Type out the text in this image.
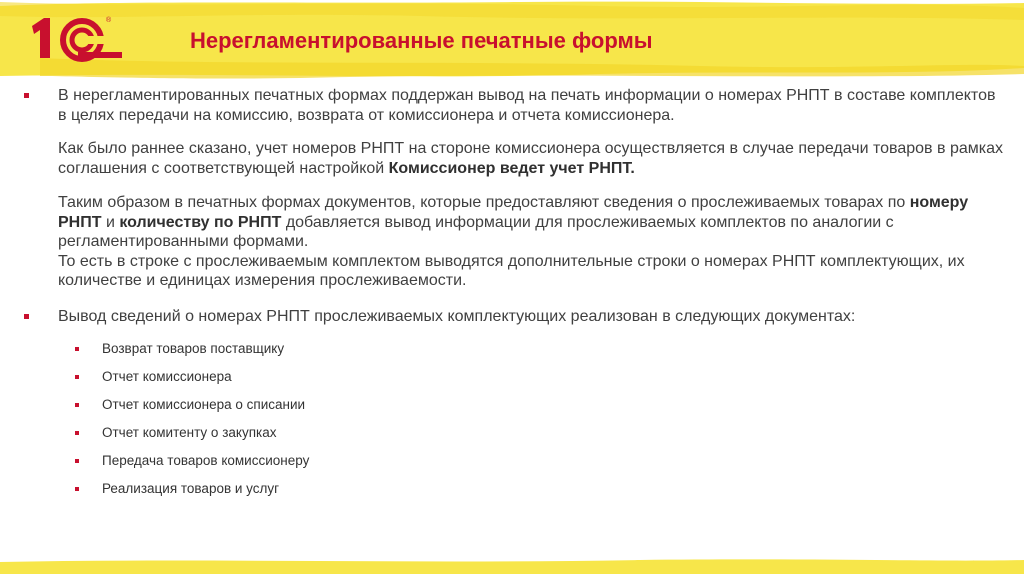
®
Нерегламентированные печатные формы

В нерегламентированных печатных формах поддержан вывод на печать информации о номерах РНПТ в составе комплектов в целях передачи на комиссию, возврата от комиссионера и отчета комиссионера.

Как было раннее сказано, учет номеров РНПТ на стороне комиссионера осуществляется в случае передачи товаров в рамках соглашения с соответствующей настройкой Комиссионер ведет учет РНПТ.

Таким образом в печатных формах документов, которые предоставляют сведения о прослеживаемых товарах по номеру РНПТ и количеству по РНПТ добавляется вывод информации для прослеживаемых комплектов по аналогии с регламентированными формами.
То есть в строке с прослеживаемым комплектом выводятся дополнительные строки о номерах РНПТ комплектующих, их количестве и единицах измерения прослеживаемости.

Вывод сведений о номерах РНПТ прослеживаемых комплектующих реализован в следующих документах:

Возврат товаров поставщику
Отчет комиссионера
Отчет комиссионера о списании
Отчет комитенту о закупках
Передача товаров комиссионеру
Реализация товаров и услуг
